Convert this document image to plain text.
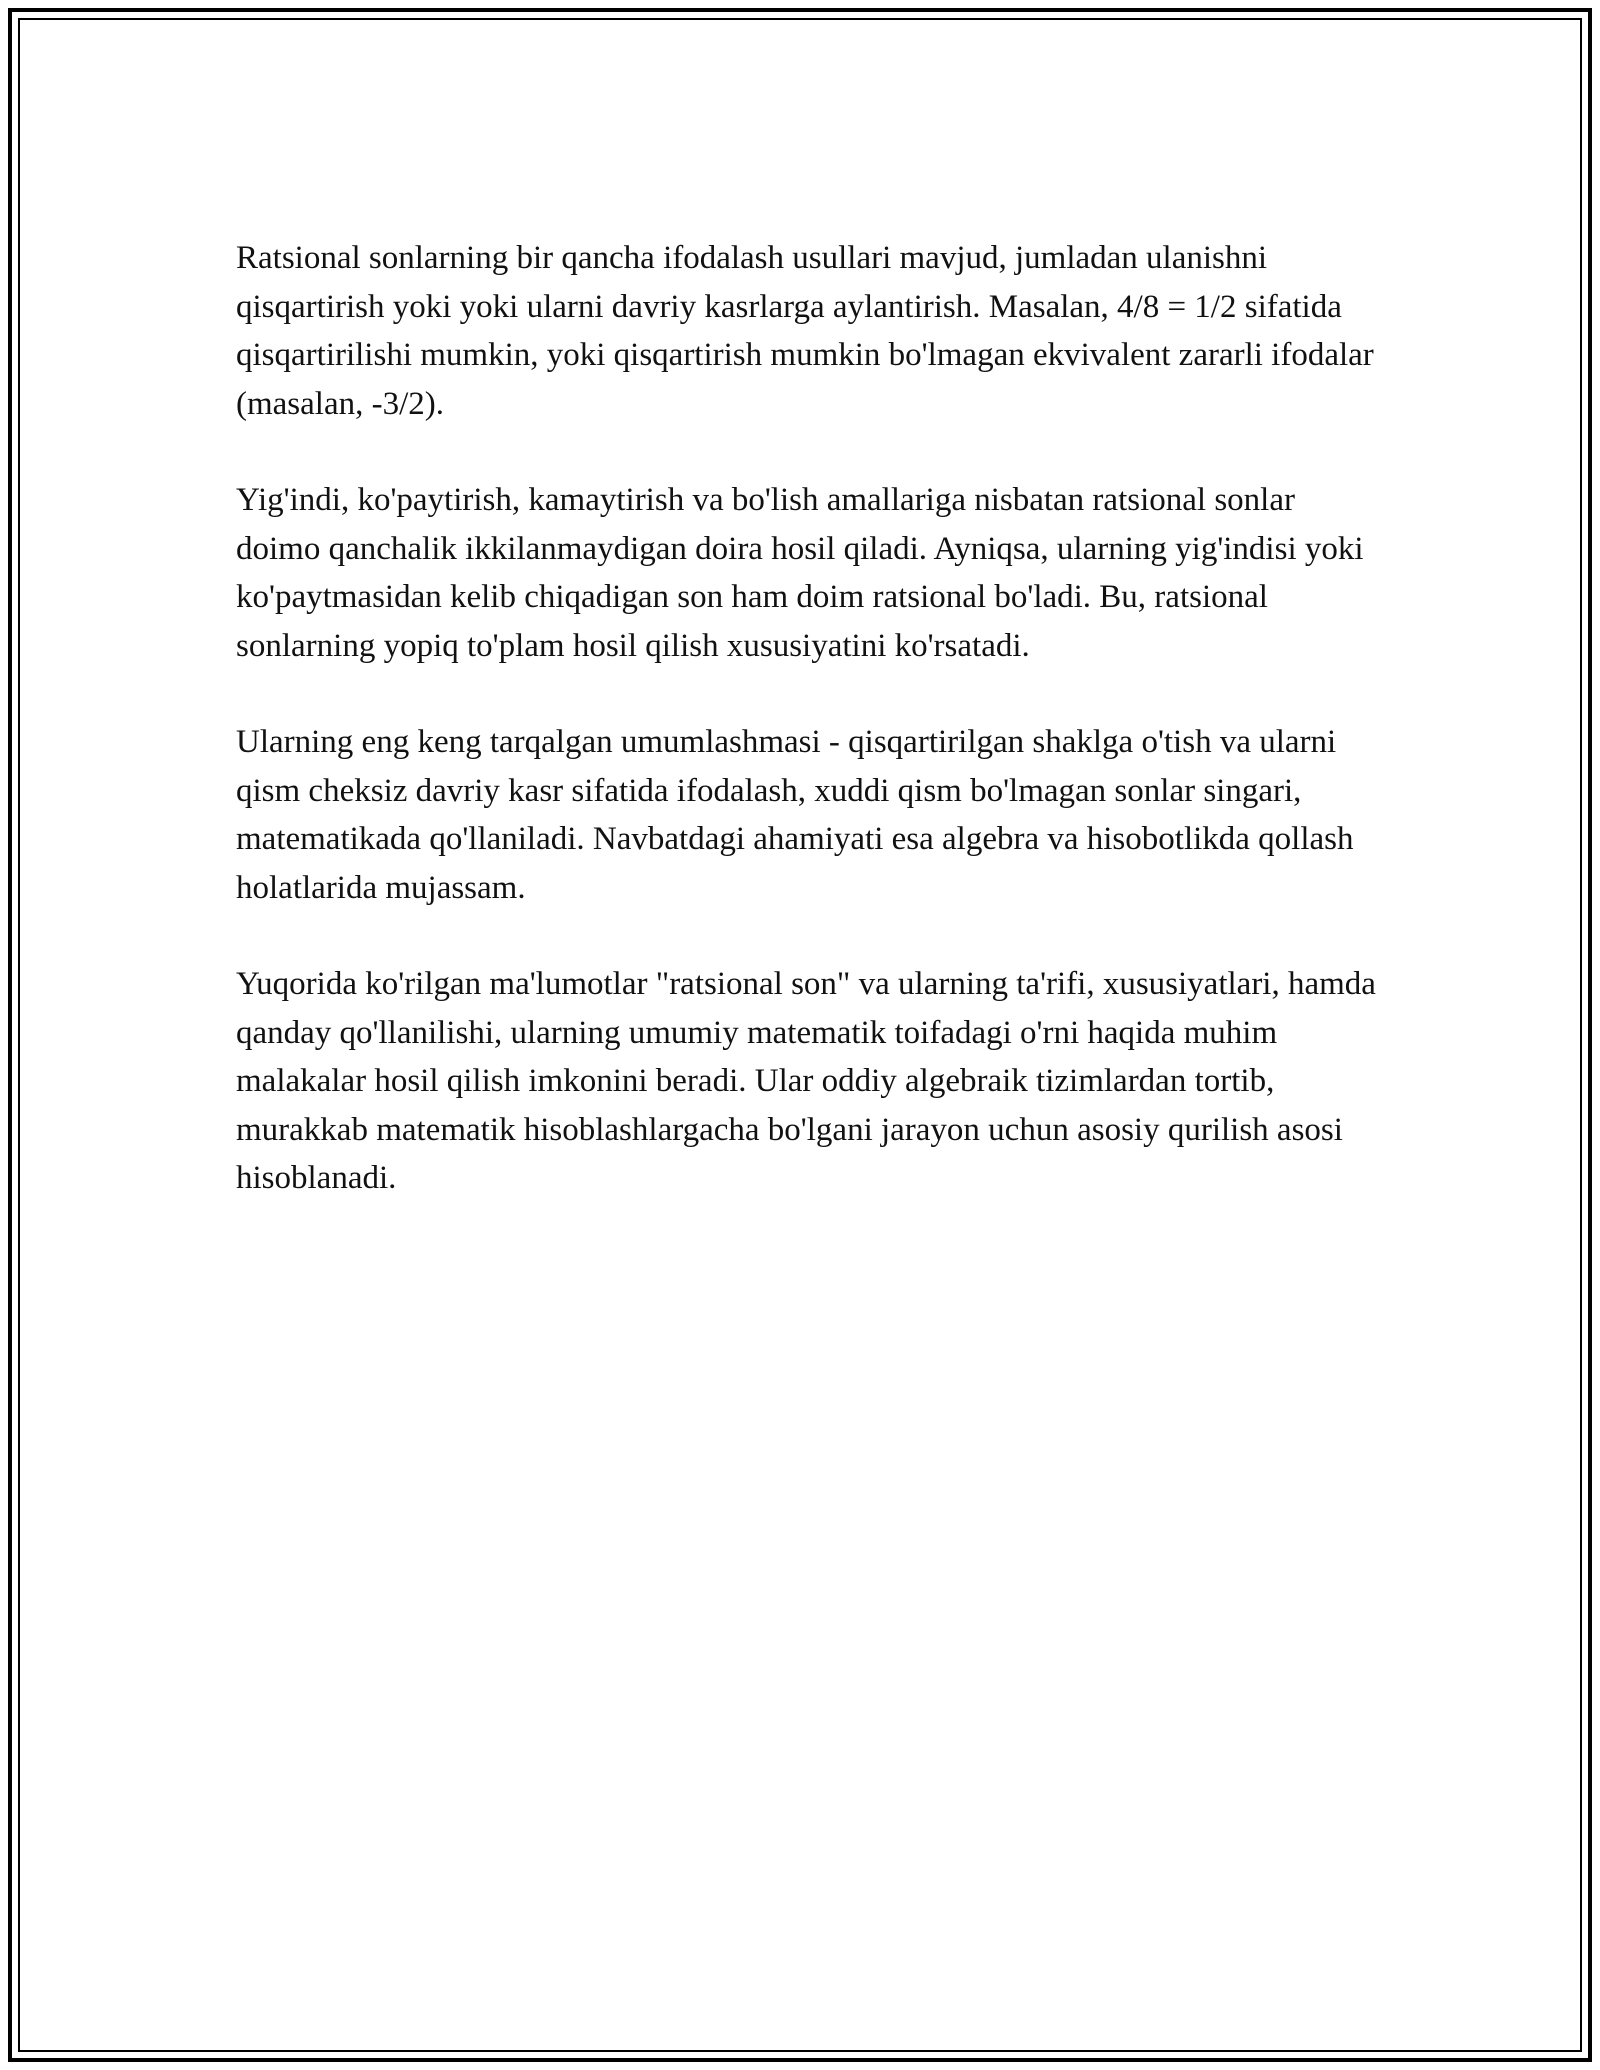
Ratsional sonlarning bir qancha ifodalash usullari mavjud, jumladan ulanishni qisqartirish yoki yoki ularni davriy kasrlarga aylantirish. Masalan, 4/8 = 1/2 sifatida qisqartirilishi mumkin, yoki qisqartirish mumkin bo'lmagan ekvivalent zararli ifodalar (masalan, -3/2).

Yig'indi, ko'paytirish, kamaytirish va bo'lish amallariga nisbatan ratsional sonlar doimo qanchalik ikkilanmaydigan doira hosil qiladi. Ayniqsa, ularning yig'indisi yoki ko'paytmasidan kelib chiqadigan son ham doim ratsional bo'ladi. Bu, ratsional sonlarning yopiq to'plam hosil qilish xususiyatini ko'rsatadi.

Ularning eng keng tarqalgan umumlashmasi - qisqartirilgan shaklga o'tish va ularni qism cheksiz davriy kasr sifatida ifodalash, xuddi qism bo'lmagan sonlar singari, matematikada qo'llaniladi. Navbatdagi ahamiyati esa algebra va hisobotlikda qollash holatlarida mujassam.

Yuqorida ko'rilgan ma'lumotlar "ratsional son" va ularning ta'rifi, xususiyatlari, hamda qanday qo'llanilishi, ularning umumiy matematik toifadagi o'rni haqida muhim malakalar hosil qilish imkonini beradi. Ular oddiy algebraik tizimlardan tortib, murakkab matematik hisoblashlargacha bo'lgani jarayon uchun asosiy qurilish asosi hisoblanadi.
